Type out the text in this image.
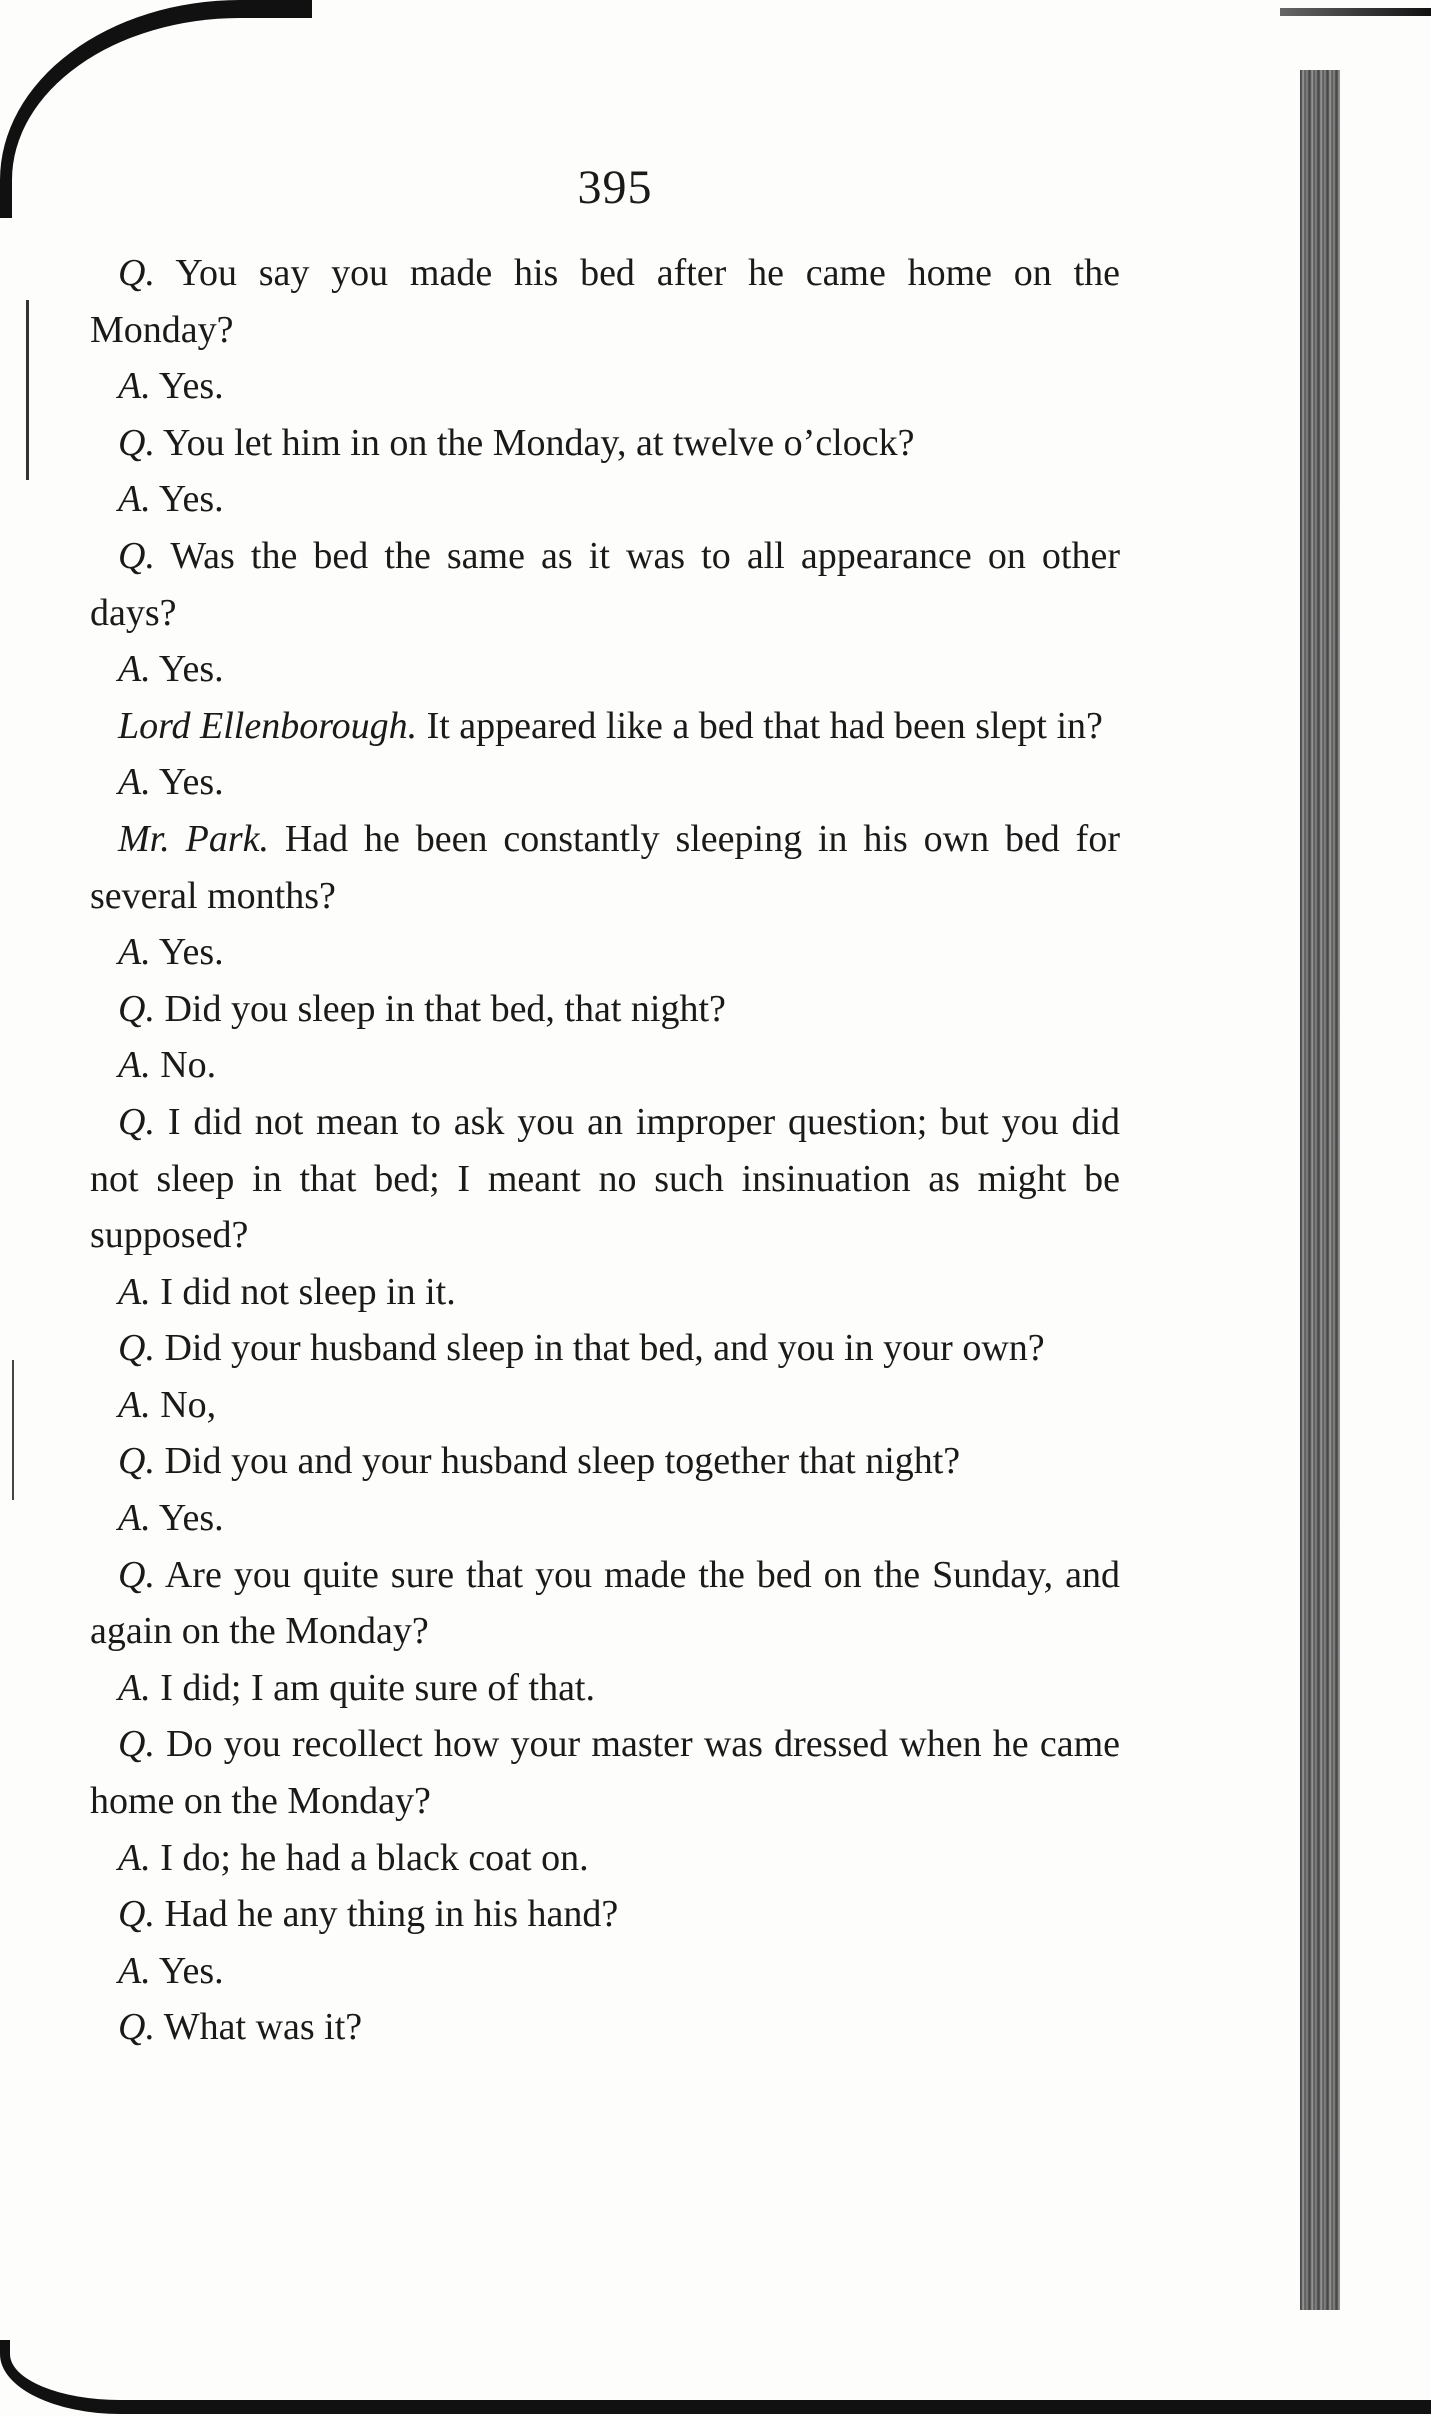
395

Q. You say you made his bed after he came home on the Monday?

A. Yes.

Q. You let him in on the Monday, at twelve o’clock?

A. Yes.

Q. Was the bed the same as it was to all appearance on other days?

A. Yes.

Lord Ellenborough. It appeared like a bed that had been slept in?

A. Yes.

Mr. Park. Had he been constantly sleeping in his own bed for several months?

A. Yes.

Q. Did you sleep in that bed, that night?

A. No.

Q. I did not mean to ask you an improper question; but you did not sleep in that bed; I meant no such insinuation as might be supposed?

A. I did not sleep in it.

Q. Did your husband sleep in that bed, and you in your own?

A. No,

Q. Did you and your husband sleep together that night?

A. Yes.

Q. Are you quite sure that you made the bed on the Sunday, and again on the Monday?

A. I did; I am quite sure of that.

Q. Do you recollect how your master was dressed when he came home on the Monday?

A. I do; he had a black coat on.

Q. Had he any thing in his hand?

A. Yes.

Q. What was it?
